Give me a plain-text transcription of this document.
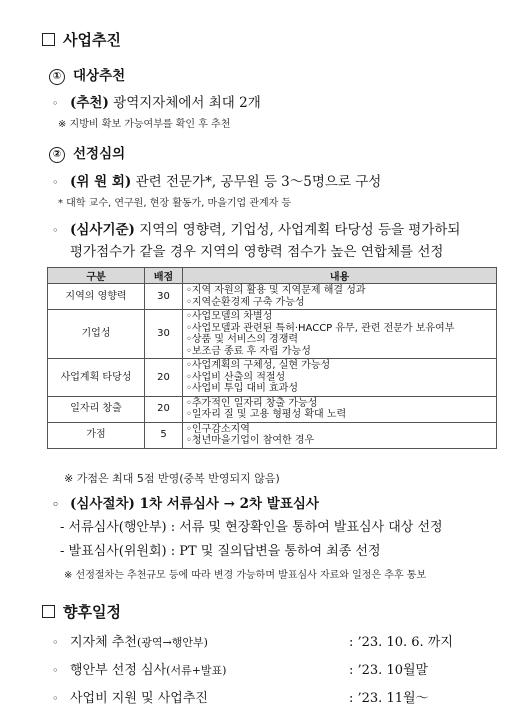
사업추진
① 대상추천
◦ (추천) 광역지자체에서 최대 2개
※ 지방비 확보 가능여부를 확인 후 추천
② 선정심의
◦ (위 원 회) 관련 전문가*, 공무원 등 3～5명으로 구성
* 대학 교수, 연구원, 현장 활동가, 마을기업 관계자 등
◦ (심사기준) 지역의 영향력, 기업성, 사업계획 타당성 등을 평가하되
평가점수가 같을 경우 지역의 영향력 점수가 높은 연합체를 선정
구분	배점	내용
지역의 영향력	30	◦지역 자원의 활용 및 지역문제 해결 성과
◦지역순환경제 구축 가능성

기업성	30	◦사업모델의 차별성
◦사업모델과 관련된 특허·HACCP 유무, 관련 전문가 보유여부
◦상품 및 서비스의 경쟁력
◦보조금 종료 후 자립 가능성

사업계획 타당성	20	◦사업계획의 구체성, 실현 가능성
◦사업비 산출의 적절성
◦사업비 투입 대비 효과성

일자리 창출	20	◦추가적인 일자리 창출 가능성
◦일자리 질 및 고용 형평성 확대 노력

가점	5	◦인구감소지역
◦청년마을기업이 참여한 경우
※ 가점은 최대 5점 반영(중복 반영되지 않음)
◦ (심사절차) 1차 서류심사 → 2차 발표심사
- 서류심사(행안부) : 서류 및 현장확인을 통하여 발표심사 대상 선정
- 발표심사(위원회) : PT 및 질의답변을 통하여 최종 선정
※ 선정절차는 추천규모 등에 따라 변경 가능하며 발표심사 자료와 일정은 추후 통보
향후일정
◦ 지자체 추천(광역→행안부)	: ’23. 10. 6. 까지
◦ 행안부 선정 심사(서류+발표)	: ’23. 10월말
◦ 사업비 지원 및 사업추진	: ’23. 11월～
